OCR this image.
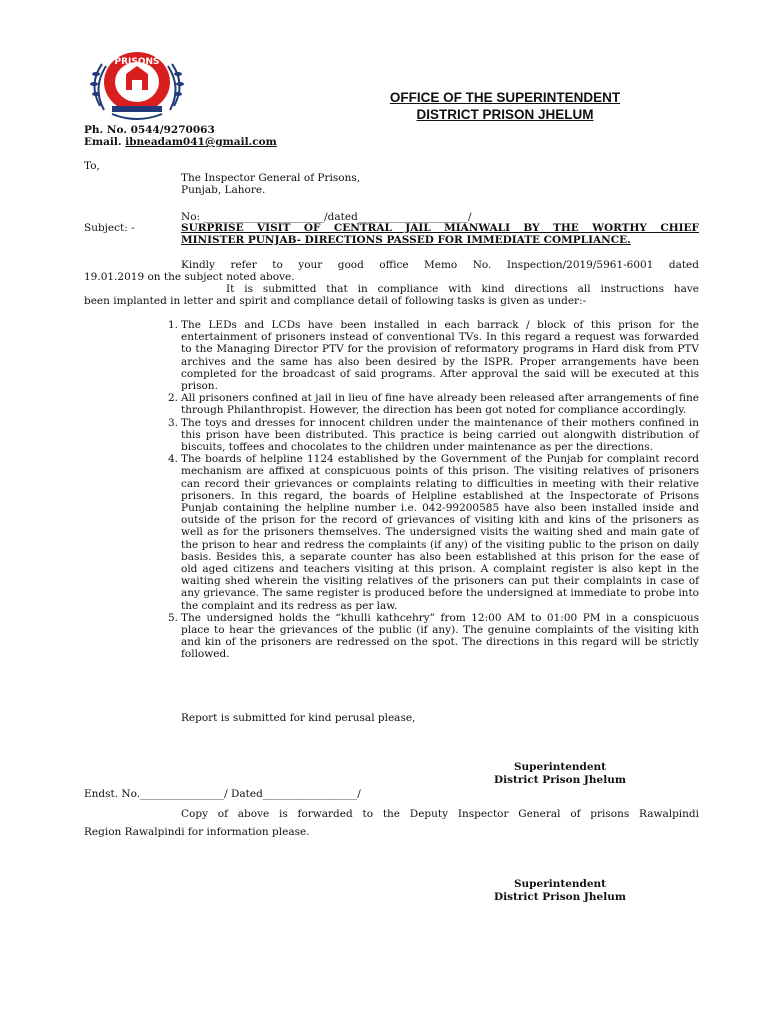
PRISONS
OFFICE OF THE SUPERINTENDENT
DISTRICT PRISON JHELUM
Ph. No. 0544/9270063
Email. ibneadam041@gmail.com
To,
The Inspector General of Prisons,
Punjab, Lahore.
No: _______________________/dated_____________________/
Subject: -	SURPRISE VISIT OF CENTRAL JAIL MIANWALI BY THE WORTHY CHIEF
MINISTER PUNJAB- DIRECTIONS PASSED FOR IMMEDIATE COMPLIANCE.
Kindly refer to your good office Memo No. Inspection/2019/5961-6001 dated
19.01.2019 on the subject noted above.
It is submitted that in compliance with kind directions all instructions have
been implanted in letter and spirit and compliance detail of following tasks is given as under:-
1. The LEDs and LCDs have been installed in each barrack / block of this prison for the entertainment of prisoners instead of conventional TVs. In this regard a request was forwarded to the Managing Director PTV for the provision of reformatory programs in Hard disk from PTV archives and the same has also been desired by the ISPR. Proper arrangements have been completed for the broadcast of said programs. After approval the said will be executed at this prison.
2. All prisoners confined at jail in lieu of fine have already been released after arrangements of fine through Philanthropist. However, the direction has been got noted for compliance accordingly.
3. The toys and dresses for innocent children under the maintenance of their mothers confined in this prison have been distributed. This practice is being carried out alongwith distribution of biscuits, toffees and chocolates to the children under maintenance as per the directions.
4. The boards of helpline 1124 established by the Government of the Punjab for complaint record mechanism are affixed at conspicuous points of this prison. The visiting relatives of prisoners can record their grievances or complaints relating to difficulties in meeting with their relative prisoners. In this regard, the boards of Helpline established at the Inspectorate of Prisons Punjab containing the helpline number i.e. 042-99200585 have also been installed inside and outside of the prison for the record of grievances of visiting kith and kins of the prisoners as well as for the prisoners themselves. The undersigned visits the waiting shed and main gate of the prison to hear and redress the complaints (if any) of the visiting public to the prison on daily basis. Besides this, a separate counter has also been established at this prison for the ease of old aged citizens and teachers visiting at this prison. A complaint register is also kept in the waiting shed wherein the visiting relatives of the prisoners can put their complaints in case of any grievance. The same register is produced before the undersigned at immediate to probe into the complaint and its redress as per law.
5. The undersigned holds the “khulli kathcehry” from 12:00 AM to 01:00 PM in a conspicuous place to hear the grievances of the public (if any). The genuine complaints of the visiting kith and kin of the prisoners are redressed on the spot. The directions in this regard will be strictly followed.
Report is submitted for kind perusal please,
Superintendent
District Prison Jhelum
Endst. No.________________/ Dated__________________/
Copy of above is forwarded to the Deputy Inspector General of prisons Rawalpindi
Region Rawalpindi for information please.
Superintendent
District Prison Jhelum
